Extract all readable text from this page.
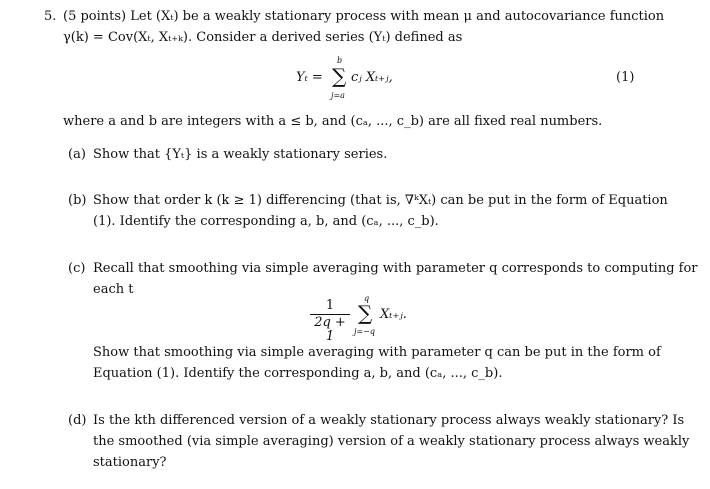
5. (5 points) Let (Xₜ) be a weakly stationary process with mean μ and autocovariance function
γ(k) = Cov(Xₜ, Xₜ₊ₖ). Consider a derived series (Yₜ) defined as
Yₜ =
b
∑
j=a
cⱼ Xₜ₊ⱼ,	(1)
where a and b are integers with a ≤ b, and (cₐ, ..., c_b) are all fixed real numbers.
(a) Show that {Yₜ} is a weakly stationary series.
(b) Show that order k (k ≥ 1) differencing (that is, ∇ᵏXₜ) can be put in the form of Equation
(1). Identify the corresponding a, b, and (cₐ, ..., c_b).
(c) Recall that smoothing via simple averaging with parameter q corresponds to computing for
each t
1
2q + 1
q
∑
j=−q
Xₜ₊ⱼ.
Show that smoothing via simple averaging with parameter q can be put in the form of
Equation (1). Identify the corresponding a, b, and (cₐ, ..., c_b).
(d) Is the kth differenced version of a weakly stationary process always weakly stationary? Is
the smoothed (via simple averaging) version of a weakly stationary process always weakly
stationary?
